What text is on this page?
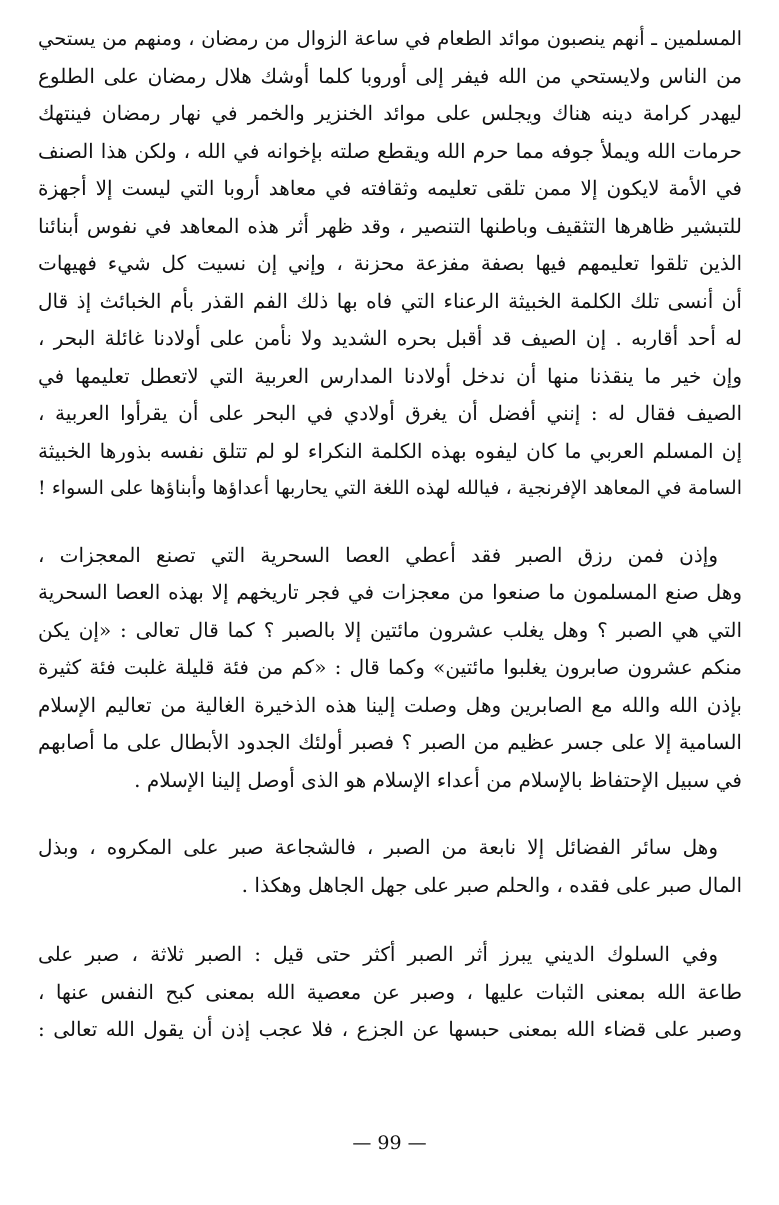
المسلمين ـ أنهم ينصبون موائد الطعام في ساعة الزوال من رمضان ، ومنهم من يستحي
من الناس ولايستحي من الله فيفر إلى أوروبا كلما أوشك هلال رمضان على الطلوع
ليهدر كرامة دينه هناك ويجلس على موائد الخنزير والخمر في نهار رمضان فينتهك
حرمات الله ويملأ جوفه مما حرم الله ويقطع صلته بإخوانه في الله ، ولكن هذا الصنف
في الأمة لايكون إلا ممن تلقى تعليمه وثقافته في معاهد أروبا التي ليست إلا أجهزة
للتبشير ظاهرها التثقيف وباطنها التنصير ، وقد ظهر أثر هذه المعاهد في نفوس أبنائنا
الذين تلقوا تعليمهم فيها بصفة مفزعة محزنة ، وإني إن نسيت كل شيء فهيهات
أن أنسى تلك الكلمة الخبيثة الرعناء التي فاه بها ذلك الفم القذر بأم الخبائث إذ قال
له أحد أقاربه . إن الصيف قد أقبل بحره الشديد ولا نأمن على أولادنا غائلة البحر ،
وإن خير ما ينقذنا منها أن ندخل أولادنا المدارس العربية التي لاتعطل تعليمها في
الصيف فقال له : إنني أفضل أن يغرق أولادي في البحر على أن يقرأوا العربية ،
إن المسلم العربي ما كان ليفوه بهذه الكلمة النكراء لو لم تتلق نفسه بذورها الخبيثة
السامة في المعاهد الإفرنجية ، فيالله لهذه اللغة التي يحاربها أعداؤها وأبناؤها على السواء !
وإذن فمن رزق الصبر فقد أعطي العصا السحرية التي تصنع المعجزات ،
وهل صنع المسلمون ما صنعوا من معجزات في فجر تاريخهم إلا بهذه العصا السحرية
التي هي الصبر ؟ وهل يغلب عشرون مائتين إلا بالصبر ؟ كما قال تعالى : «إن يكن
منكم عشرون صابرون يغلبوا مائتين» وكما قال : «كم من فئة قليلة غلبت فئة كثيرة
بإذن الله والله مع الصابرين وهل وصلت إلينا هذه الذخيرة الغالية من تعاليم الإسلام
السامية إلا على جسر عظيم من الصبر ؟ فصبر أولئك الجدود الأبطال على ما أصابهم
في سبيل الإحتفاظ بالإسلام من أعداء الإسلام هو الذى أوصل إلينا الإسلام .
وهل سائر الفضائل إلا نابعة من الصبر ، فالشجاعة صبر على المكروه ، وبذل
المال صبر على فقده ، والحلم صبر على جهل الجاهل وهكذا .
وفي السلوك الديني يبرز أثر الصبر أكثر حتى قيل : الصبر ثلاثة ، صبر على
طاعة الله بمعنى الثبات عليها ، وصبر عن معصية الله بمعنى كبح النفس عنها ،
وصبر على قضاء الله بمعنى حبسها عن الجزع ، فلا عجب إذن أن يقول الله تعالى :
— 99 —
